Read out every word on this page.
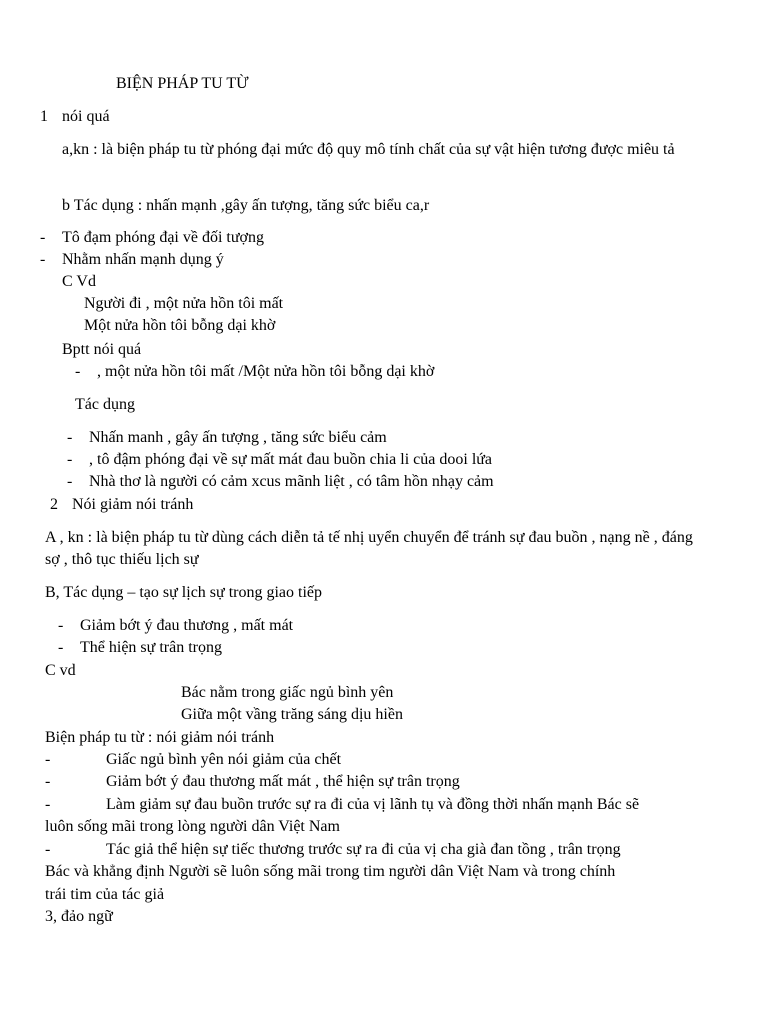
BIỆN PHÁP TU TỪ
1 nói quá
a,kn : là biện pháp tu từ phóng đại mức độ quy mô tính chất của sự vật hiện tương được miêu tả
b Tác dụng : nhấn mạnh ,gây ấn tượng, tăng sức biểu ca,r
- Tô đạm phóng đại về đối tượng
- Nhằm nhấn mạnh dụng ý
C Vd
Người đi , một nửa hồn tôi mất
Một nửa hồn tôi bỗng dại khờ
Bptt nói quá
- , một nửa hồn tôi mất /Một nửa hồn tôi bỗng dại khờ
Tác dụng
- Nhấn manh , gây ấn tượng , tăng sức biểu cảm
- , tô đậm phóng đại về sự mất mát đau buồn chia li của dooi lứa
- Nhà thơ là người có cảm xcus mãnh liệt , có tâm hồn nhạy cảm
2 Nói giảm nói tránh
A , kn : là biện pháp tu từ dùng cách diễn tả tế nhị uyển chuyển để tránh sự đau buồn , nạng nề , đáng sợ , thô tục thiếu lịch sự
B, Tác dụng – tạo sự lịch sự trong giao tiếp
- Giảm bớt ý đau thương , mất mát
- Thể hiện sự trân trọng
C vd
Bác nằm trong giấc ngủ bình yên
Giữa một vầng trăng sáng dịu hiền
Biện pháp tu từ : nói giảm nói tránh
-	Giấc ngủ bình yên nói giảm của chết
-	Giảm bớt ý đau thương mất mát , thể hiện sự trân trọng
-	Làm giảm sự đau buồn trước sự ra đi của vị lãnh tụ và đồng thời nhấn mạnh Bác sẽ
luôn sống mãi trong lòng người dân Việt Nam
-	Tác giả thể hiện sự tiếc thương trước sự ra đi của vị cha già đan tồng , trân trọng
Bác và khẳng định Người sẽ luôn sống mãi trong tim người dân Việt Nam và trong chính
trái tim của tác giả
3, đảo ngữ
